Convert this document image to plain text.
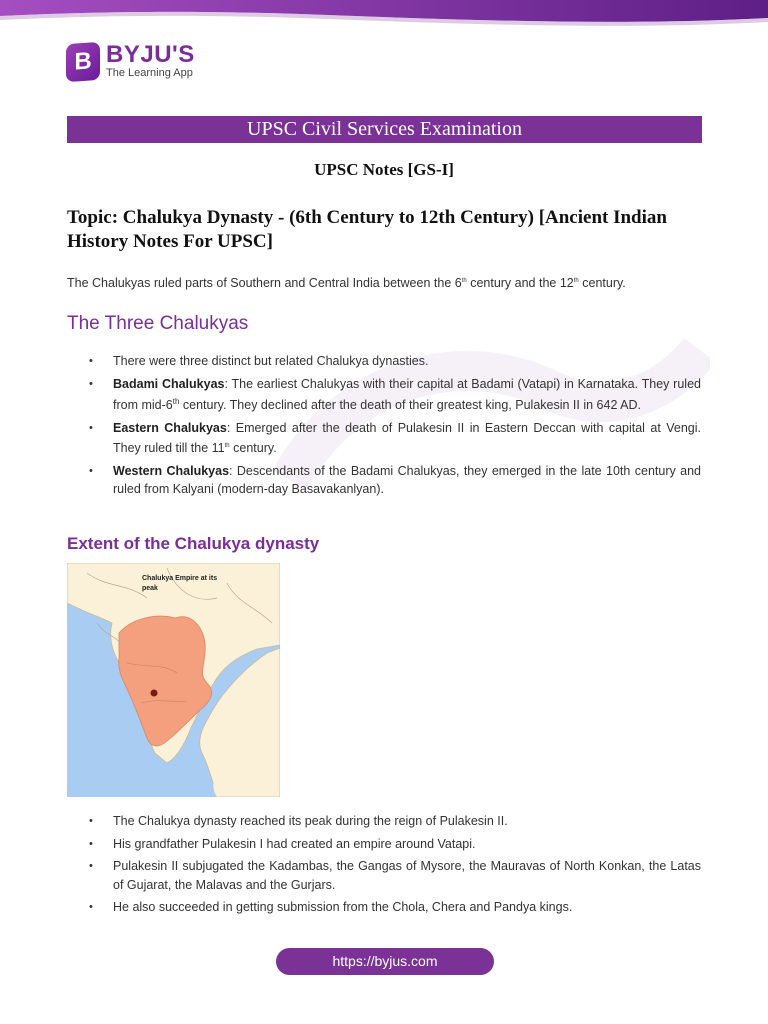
B BYJU'S
The Learning App
UPSC Civil Services Examination
UPSC Notes [GS-I]
Topic: Chalukya Dynasty - (6th Century to 12th Century) [Ancient Indian History Notes For UPSC]
The Chalukyas ruled parts of Southern and Central India between the 6th century and the 12th century.
The Three Chalukyas
• There were three distinct but related Chalukya dynasties.
• Badami Chalukyas: The earliest Chalukyas with their capital at Badami (Vatapi) in Karnataka. They ruled from mid-6th century. They declined after the death of their greatest king, Pulakesin II in 642 AD.
• Eastern Chalukyas: Emerged after the death of Pulakesin II in Eastern Deccan with capital at Vengi. They ruled till the 11th century.
• Western Chalukyas: Descendants of the Badami Chalukyas, they emerged in the late 10th century and ruled from Kalyani (modern-day Basavakanlyan).
Extent of the Chalukya dynasty
Chalukya Empire at its
peak
• The Chalukya dynasty reached its peak during the reign of Pulakesin II.
• His grandfather Pulakesin I had created an empire around Vatapi.
• Pulakesin II subjugated the Kadambas, the Gangas of Mysore, the Mauravas of North Konkan, the Latas of Gujarat, the Malavas and the Gurjars.
• He also succeeded in getting submission from the Chola, Chera and Pandya kings.
https://byjus.com
